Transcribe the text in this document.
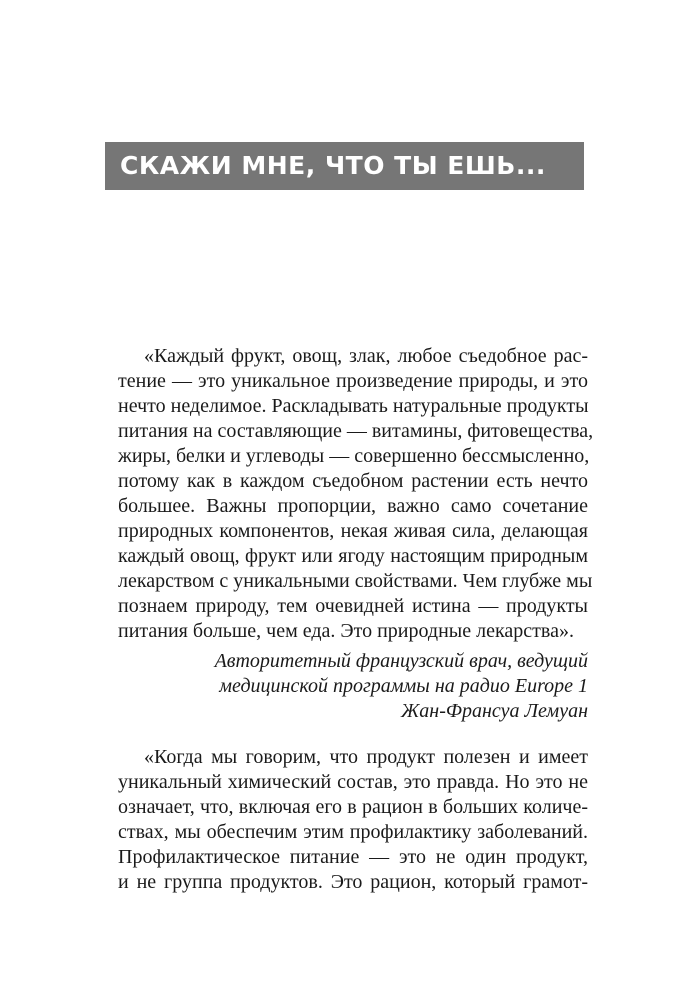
СКАЖИ МНЕ, ЧТО ТЫ ЕШЬ...
«Каждый фрукт, овощ, злак, любое съедобное рас-
тение — это уникальное произведение природы, и это
нечто неделимое. Раскладывать натуральные продукты
питания на составляющие — витамины, фитовещества,
жиры, белки и углеводы — совершенно бессмысленно,
потому как в каждом съедобном растении есть нечто
большее. Важны пропорции, важно само сочетание
природных компонентов, некая живая сила, делающая
каждый овощ, фрукт или ягоду настоящим природным
лекарством с уникальными свойствами. Чем глубже мы
познаем природу, тем очевидней истина — продукты
питания больше, чем еда. Это природные лекарства».
Авторитетный французский врач, ведущий
медицинской программы на радио Europe 1
Жан-Франсуа Лемуан
«Когда мы говорим, что продукт полезен и имеет
уникальный химический состав, это правда. Но это не
означает, что, включая его в рацион в больших количе-
ствах, мы обеспечим этим профилактику заболеваний.
Профилактическое питание — это не один продукт,
и не группа продуктов. Это рацион, который грамот-
